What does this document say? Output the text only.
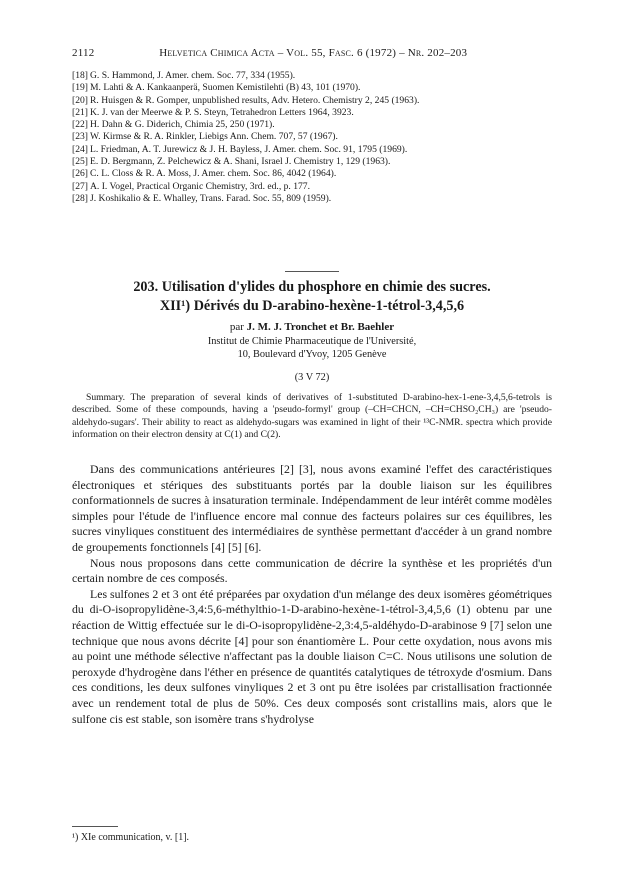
2112	Helvetica Chimica Acta – Vol. 55, Fasc. 6 (1972) – Nr. 202–203
[18] G. S. Hammond, J. Amer. chem. Soc. 77, 334 (1955).
[19] M. Lahti & A. Kankaanperä, Suomen Kemistilehti (B) 43, 101 (1970).
[20] R. Huisgen & R. Gomper, unpublished results, Adv. Hetero. Chemistry 2, 245 (1963).
[21] K. J. van der Meerwe & P. S. Steyn, Tetrahedron Letters 1964, 3923.
[22] H. Dahn & G. Diderich, Chimia 25, 250 (1971).
[23] W. Kirmse & R. A. Rinkler, Liebigs Ann. Chem. 707, 57 (1967).
[24] L. Friedman, A. T. Jurewicz & J. H. Bayless, J. Amer. chem. Soc. 91, 1795 (1969).
[25] E. D. Bergmann, Z. Pelchewicz & A. Shani, Israel J. Chemistry 1, 129 (1963).
[26] C. L. Closs & R. A. Moss, J. Amer. chem. Soc. 86, 4042 (1964).
[27] A. I. Vogel, Practical Organic Chemistry, 3rd. ed., p. 177.
[28] J. Koshikalio & E. Whalley, Trans. Farad. Soc. 55, 809 (1959).
203. Utilisation d'ylides du phosphore en chimie des sucres.
XII¹) Dérivés du D-arabino-hexène-1-tétrol-3,4,5,6
par J. M. J. Tronchet et Br. Baehler
Institut de Chimie Pharmaceutique de l'Université,
10, Boulevard d'Yvoy, 1205 Genève
(3 V 72)
Summary. The preparation of several kinds of derivatives of 1-substituted D-arabino-hex-1-ene-3,4,5,6-tetrols is described. Some of these compounds, having a 'pseudo-formyl' group (–CH=CHCN, –CH=CHSO₂CH₃) are 'pseudo-aldehydo-sugars'. Their ability to react as aldehydo-sugars was examined in light of their ¹³C-NMR. spectra which provide information on their electron density at C(1) and C(2).

Dans des communications antérieures [2] [3], nous avons examiné l'effet des caractéristiques électroniques et stériques des substituants portés par la double liaison sur les équilibres conformationnels de sucres à insaturation terminale. Indépendamment de leur intérêt comme modèles simples pour l'étude de l'influence encore mal connue des facteurs polaires sur ces équilibres, les sucres vinyliques constituent des intermédiaires de synthèse permettant d'accéder à un grand nombre de groupements fonctionnels [4] [5] [6].

Nous nous proposons dans cette communication de décrire la synthèse et les propriétés d'un certain nombre de ces composés.

Les sulfones 2 et 3 ont été préparées par oxydation d'un mélange des deux isomères géométriques du di-O-isopropylidène-3,4:5,6-méthylthio-1-D-arabino-hexène-1-tétrol-3,4,5,6 (1) obtenu par une réaction de Wittig effectuée sur le di-O-isopropylidène-2,3:4,5-aldéhydo-D-arabinose 9 [7] selon une technique que nous avons décrite [4] pour son énantiomère L. Pour cette oxydation, nous avons mis au point une méthode sélective n'affectant pas la double liaison C=C. Nous utilisons une solution de peroxyde d'hydrogène dans l'éther en présence de quantités catalytiques de tétroxyde d'osmium. Dans ces conditions, les deux sulfones vinyliques 2 et 3 ont pu être isolées par cristallisation fractionnée avec un rendement total de plus de 50%. Ces deux composés sont cristallins mais, alors que le sulfone cis est stable, son isomère trans s'hydrolyse

¹) XIe communication, v. [1].
